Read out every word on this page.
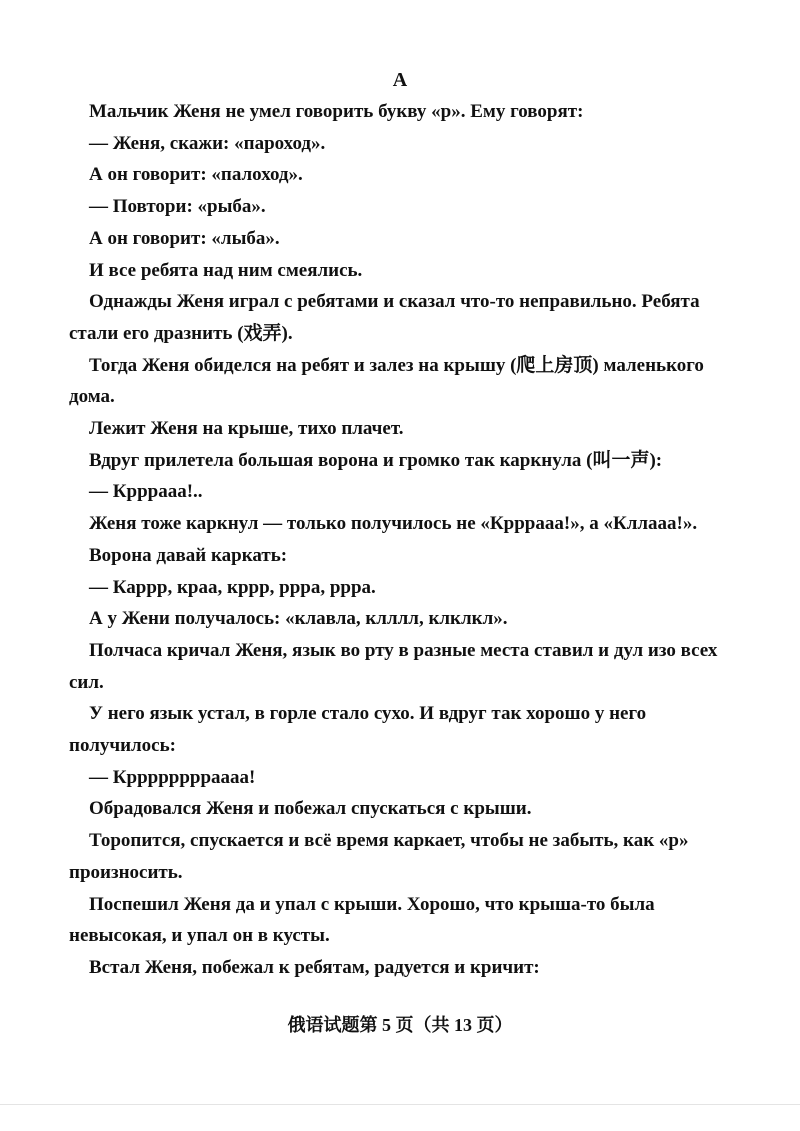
А

Мальчик Женя не умел говорить букву «р». Ему говорят:

— Женя, скажи: «пароход».

А он говорит: «палоход».

— Повтори: «рыба».

А он говорит: «лыба».

И все ребята над ним смеялись.

Однажды Женя играл с ребятами и сказал что-то неправильно. Ребята

стали его дразнить (戏弄).

Тогда Женя обиделся на ребят и залез на крышу (爬上房顶) маленького

дома.

Лежит Женя на крыше, тихо плачет.

Вдруг прилетела большая ворона и громко так каркнула (叫一声):

— Кррраaa!..

Женя тоже каркнул — только получилось не «Кррраaa!», а «Кллaaa!».

Ворона давай каркать:

— Каррр, краа, кррр, ррра, ррра.

А у Жени получалось: «клавла, клллл, клклкл».

Полчаса кричал Женя, язык во рту в разные места ставил и дул изо всех

сил.

У него язык устал, в горле стало сухо. И вдруг так хорошо у него

получилось:

— Крррррррраaaa!

Обрадовался Женя и побежал спускаться с крыши.

Торопится, спускается и всё время каркает, чтобы не забыть, как «р»

произносить.

Поспешил Женя да и упал с крыши. Хорошо, что крыша-то была

невысокая, и упал он в кусты.

Встал Женя, побежал к ребятам, радуется и кричит:

俄语试题第 5 页（共 13 页）
